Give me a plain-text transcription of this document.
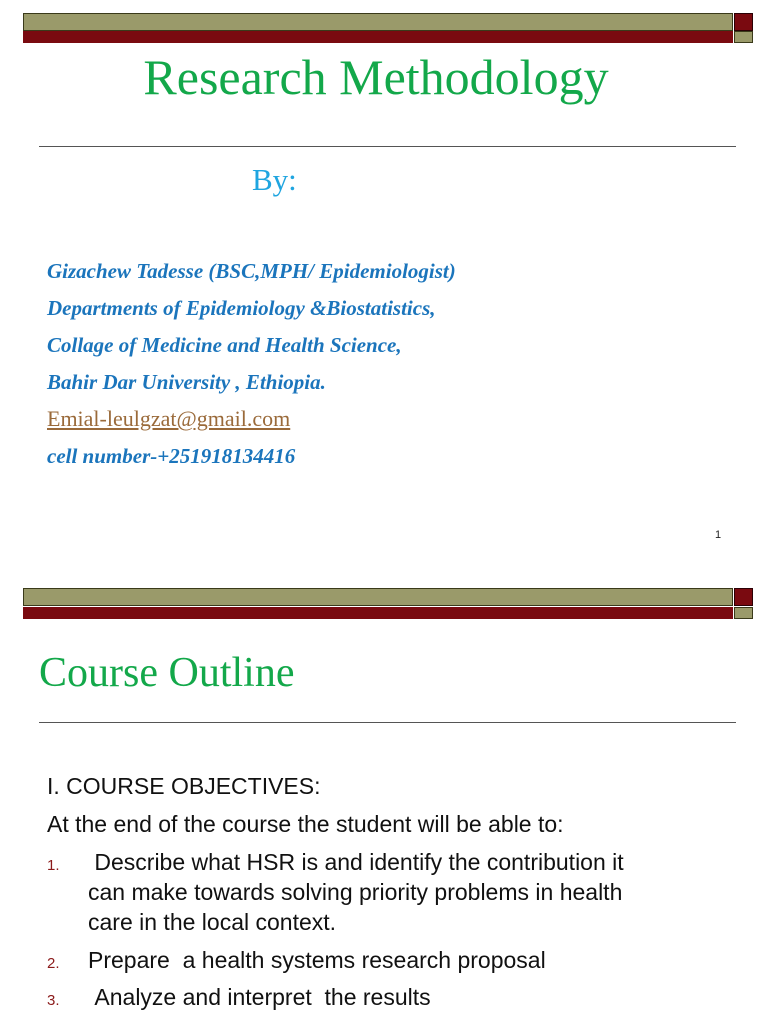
Research Methodology
By:
Gizachew Tadesse (BSC,MPH/ Epidemiologist)
Departments of Epidemiology &Biostatistics,
Collage of Medicine and Health Science,
Bahir Dar University , Ethiopia.
Emial-leulgzat@gmail.com
cell number-+251918134416
1
Course Outline
I. COURSE OBJECTIVES:
At the end of the course the student will be able to:
1. Describe what HSR is and identify the contribution it
can make towards solving priority problems in health
care in the local context.
2. Prepare  a health systems research proposal
3. Analyze and interpret  the results
